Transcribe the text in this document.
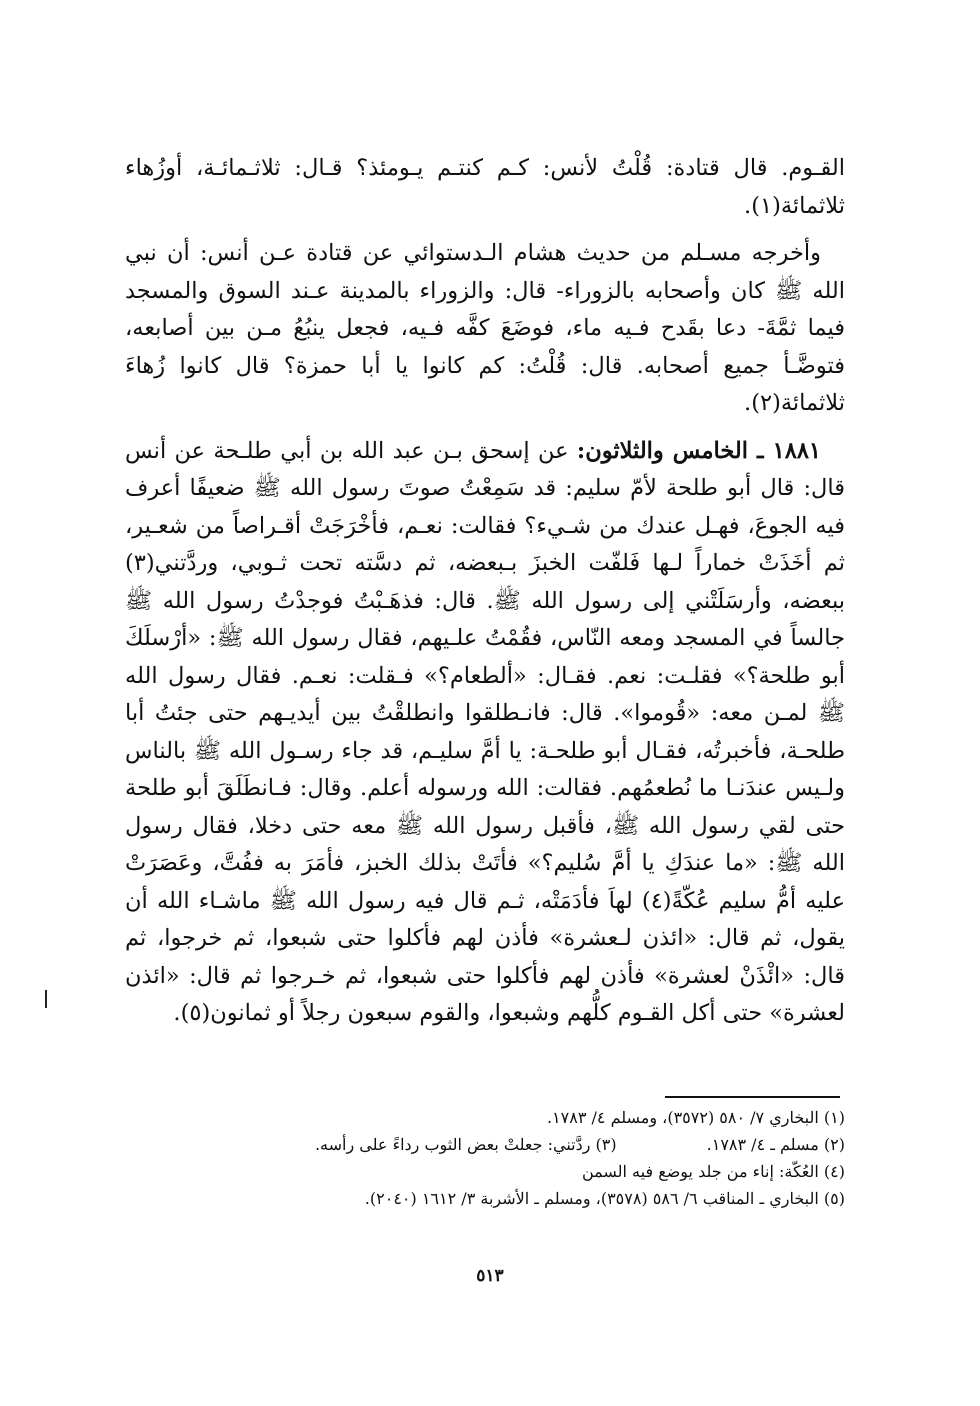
القـوم. قال قتادة: قُلْتُ لأنس: كـم كنتـم يـومئذ؟ قـال: ثلاثـمائـة، أوزُهاء ثلاثمائة(١).

وأخرجه مسـلم من حديث هشام الـدستوائي عن قتادة عـن أنس: أن نبي الله ﷺ كان وأصحابه بالزوراء- قال: والزوراء بالمدينة عـند السوق والمسجد فيما ثمَّةَ- دعا بقَدح فـيه ماء، فوضَعَ كفَّه فـيه، فجعل ينبُعُ مـن بين أصابعه، فتوضَّـأ جميع أصحابه. قال: قُلْتُ: كم كانوا يا أبا حمزة؟ قال كانوا زُهاءَ ثلاثمائة(٢).

١٨٨١ ـ الخامس والثلاثون: عن إسحق بـن عبد الله بن أبي طلـحة عن أنس قال: قال أبو طلحة لأمّ سليم: قد سَمِعْتُ صوتَ رسول الله ﷺ ضعيفًا أعرف فيه الجوعَ، فهـل عندك من شـيء؟ فقالت: نعـم، فأخْرَجَتْ أقـراصاً من شعـير، ثم أخَذَتْ خماراً لـها فَلفّت الخبزَ بـبعضه، ثم دسَّته تحت ثـوبي، وردَّتني(٣) ببعضه، وأرسَلَتْني إلى رسول الله ﷺ. قال: فذهَـبْتُ فوجدْتُ رسول الله ﷺ جالساً في المسجد ومعه النّاس، فقُمْتُ علـيهم، فقال رسول الله ﷺ: «أرْسلَكَ أبو طلحة؟» فقلـت: نعم. فقـال: «ألطعام؟» فـقلت: نعـم. فقال رسول الله ﷺ لمـن معه: «قُوموا». قال: فانـطلقوا وانطلقْتُ بين أيديـهم حتى جئتُ أبا طلحـة، فأخبرتُه، فقـال أبو طلحـة: يا أمَّ سليـم، قد جاء رسـول الله ﷺ بالناس ولـيس عندَنـا ما نُطعمُهم. فقالت: الله ورسوله أعلم. وقال: فـانطَلَقَ أبو طلحة حتى لقي رسول الله ﷺ، فأقبل رسول الله ﷺ معه حتى دخلا، فقال رسول الله ﷺ: «ما عندَكِ يا أمَّ سُليم؟» فأتَتْ بذلك الخبز، فأمَرَ به ففُتَّ، وعَصَرَتْ عليه أمُّ سليم عُكّةً(٤) لهاَ فأدَمَتْه، ثـم قال فيه رسول الله ﷺ ماشـاء الله أن يقول، ثم قال: «ائذن لـعشرة» فأذن لهم فأكلوا حتى شبعوا، ثم خرجوا، ثم قال: «ائْذَنْ لعشرة» فأذن لهم فأكلوا حتى شبعوا، ثم خـرجوا ثم قال: «ائذن لعشرة» حتى أكل القـوم كلُّهم وشبعوا، والقوم سبعون رجلاً أو ثمانون(٥).

(١) البخاري ٧/ ٥٨٠ (٣٥٧٢)، ومسلم ٤/ ١٧٨٣.

(٢) مسلم ـ ٤/ ١٧٨٣.

(٣) ردَّتني: جعلتْ بعض الثوب رداءً على رأسه.

(٤) العُكّة: إناء من جلد يوضع فيه السمن

(٥) البخاري ـ المناقب ٦/ ٥٨٦ (٣٥٧٨)، ومسلم ـ الأشربة ٣/ ١٦١٢ (٢٠٤٠).

٥١٣
